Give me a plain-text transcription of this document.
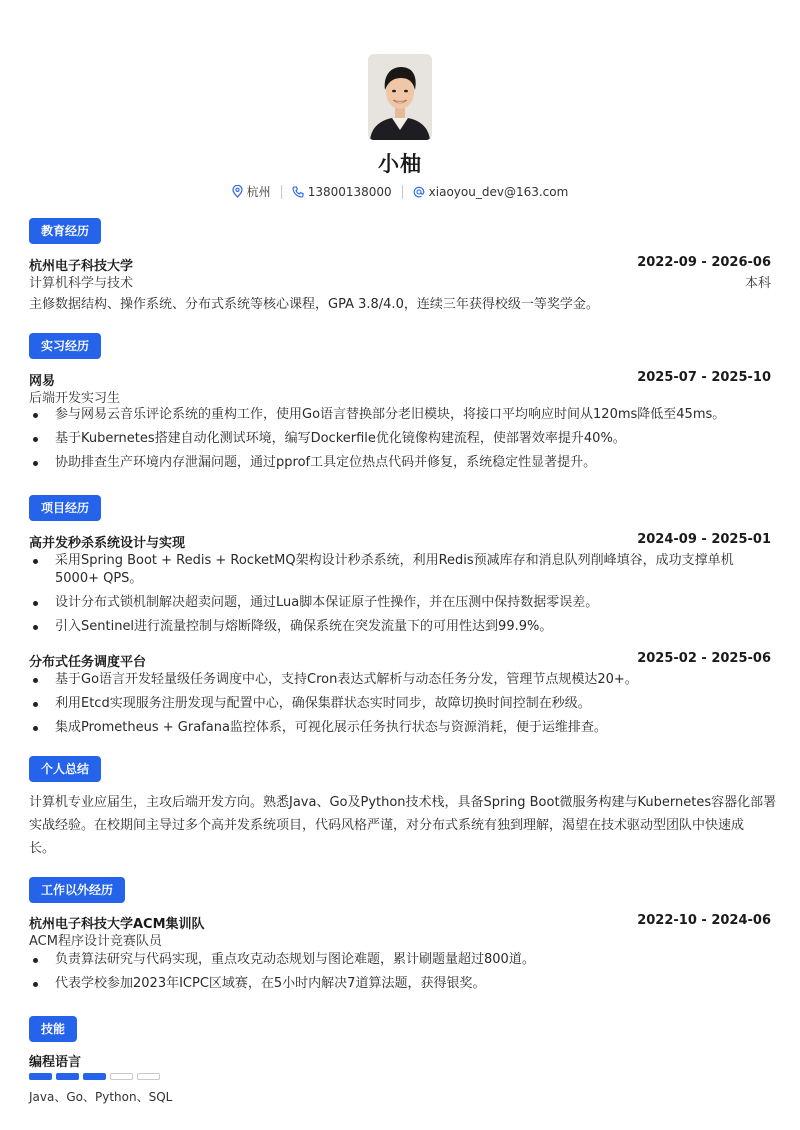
小柚
杭州	13800138000	xiaoyou_dev@163.com
教育经历
杭州电子科技大学	2022-09 - 2026-06
计算机科学与技术	本科
主修数据结构、操作系统、分布式系统等核心课程，GPA 3.8/4.0，连续三年获得校级一等奖学金。
实习经历
网易	2025-07 - 2025-10
后端开发实习生
参与网易云音乐评论系统的重构工作，使用Go语言替换部分老旧模块，将接口平均响应时间从120ms降低至45ms。
基于Kubernetes搭建自动化测试环境，编写Dockerfile优化镜像构建流程，使部署效率提升40%。
协助排查生产环境内存泄漏问题，通过pprof工具定位热点代码并修复，系统稳定性显著提升。
项目经历
高并发秒杀系统设计与实现	2024-09 - 2025-01
采用Spring Boot + Redis + RocketMQ架构设计秒杀系统，利用Redis预减库存和消息队列削峰填谷，成功支撑单机5000+ QPS。
设计分布式锁机制解决超卖问题，通过Lua脚本保证原子性操作，并在压测中保持数据零误差。
引入Sentinel进行流量控制与熔断降级，确保系统在突发流量下的可用性达到99.9%。
分布式任务调度平台	2025-02 - 2025-06
基于Go语言开发轻量级任务调度中心，支持Cron表达式解析与动态任务分发，管理节点规模达20+。
利用Etcd实现服务注册发现与配置中心，确保集群状态实时同步，故障切换时间控制在秒级。
集成Prometheus + Grafana监控体系，可视化展示任务执行状态与资源消耗，便于运维排查。
个人总结
计算机专业应届生，主攻后端开发方向。熟悉Java、Go及Python技术栈，具备Spring Boot微服务构建与Kubernetes容器化部署
实战经验。在校期间主导过多个高并发系统项目，代码风格严谨，对分布式系统有独到理解，渴望在技术驱动型团队中快速成
长。
工作以外经历
杭州电子科技大学ACM集训队	2022-10 - 2024-06
ACM程序设计竞赛队员
负责算法研究与代码实现，重点攻克动态规划与图论难题，累计刷题量超过800道。
代表学校参加2023年ICPC区域赛，在5小时内解决7道算法题，获得银奖。
技能
编程语言
Java、Go、Python、SQL
